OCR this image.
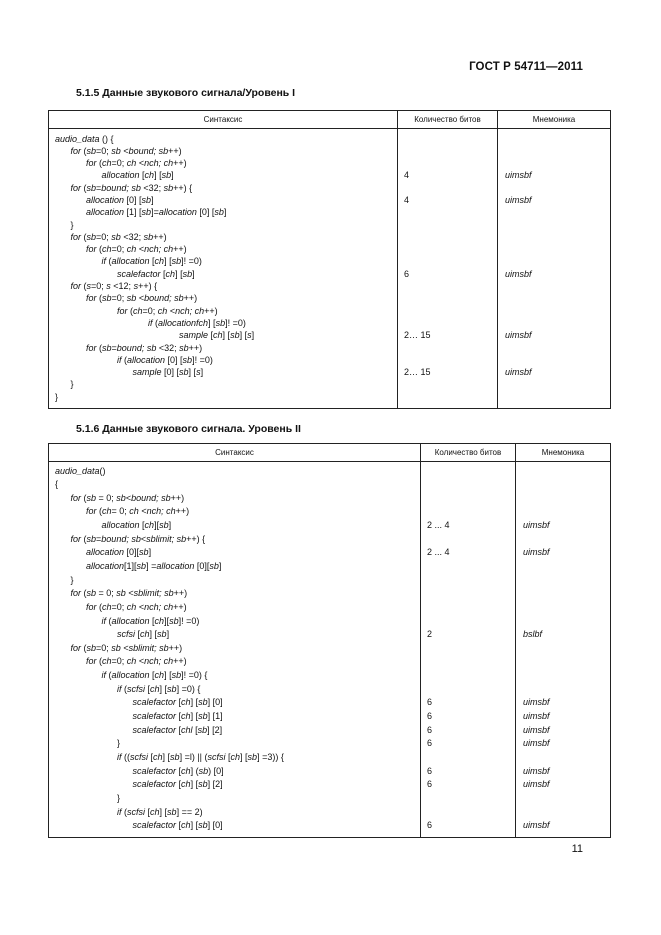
ГОСТ Р 54711—2011
5.1.5 Данные звукового сигнала/Уровень I
Синтаксис	Количество битов	Мнемоника
audio_data () {		
for (sb=0; sb <bound; sb++)		
for (ch=0; ch <nch; ch++)		
allocation [ch] [sb]	4	uimsbf
for (sb=bound; sb <32; sb++) {		
allocation [0] [sb]	4	uimsbf
allocation [1] [sb]=allocation [0] [sb]		
}		
for (sb=0; sb <32; sb++)		
for (ch=0; ch <nch; ch++)		
if (allocation [ch] [sb]! =0)		
scalefactor [ch] [sb]	6	uimsbf
for (s=0; s <12; s++) {		
for (sb=0; sb <bound; sb++)		
for (ch=0; ch <nch; ch++)		
if (allocationfch] [sb]! =0)		
sample [ch] [sb] [s]	2… 15	uimsbf
for (sb=bound; sb <32; sb++)		
if (allocation [0] [sb]! =0)		
sample [0] [sb] [s]	2… 15	uimsbf
}		
}		
5.1.6 Данные звукового сигнала. Уровень II
Синтаксис	Количество битов	Мнемоника
audio_data()		
{		
for (sb = 0; sb<bound; sb++)		
for (ch= 0; ch <nch; ch++)		
allocation [ch][sb]	2 ... 4	uimsbf
for (sb=bound; sb<sblimit; sb++) {		
allocation [0][sb]	2 ... 4	uimsbf
allocation[1][sb] =allocation [0][sb]		
}		
for (sb = 0; sb <sblimit; sb++)		
for (ch=0; ch <nch; ch++)		
if (allocation [ch][sb]! =0)		
scfsi [ch] [sb]	2	bslbf
for (sb=0; sb <sblimit; sb++)		
for (ch=0; ch <nch; ch++)		
if (allocation [ch] [sb]! =0) {		
if (scfsi [ch] [sb] =0) {		
scalefactor [ch] [sb] [0]	6	uimsbf
scalefactor [ch] [sb] [1]	6	uimsbf
scalefactor [chl [sb] [2]	6	uimsbf
}	6	uimsbf
if ((scfsi [ch] [sb] =l) || (scfsi [ch] [sb] =3)) {		
scalefactor [ch] (sb) [0]	6	uimsbf
scalefactor [ch] [sb] [2]	6	uimsbf
}		
if (scfsi [ch] [sb] == 2)		
scalefactor [ch] [sb] [0]	6	uimsbf
11
